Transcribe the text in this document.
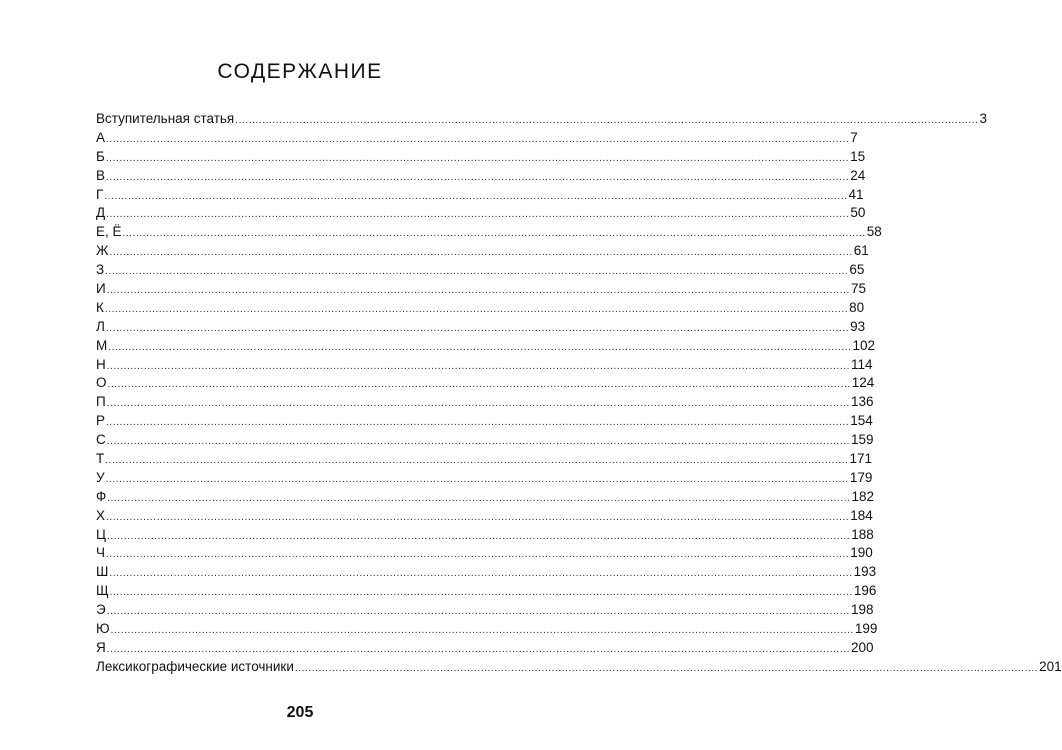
СОДЕРЖАНИЕ
Вступительная статья ............................................................................................................................................................................................................................ 3
А ............................................................................................................................................................................................................................ 7
Б ............................................................................................................................................................................................................................ 15
В ............................................................................................................................................................................................................................ 24
Г ............................................................................................................................................................................................................................ 41
Д ............................................................................................................................................................................................................................ 50
Е, Ё ............................................................................................................................................................................................................................ 58
Ж ............................................................................................................................................................................................................................ 61
З ............................................................................................................................................................................................................................ 65
И ............................................................................................................................................................................................................................ 75
К ............................................................................................................................................................................................................................ 80
Л ............................................................................................................................................................................................................................ 93
М ............................................................................................................................................................................................................................ 102
Н ............................................................................................................................................................................................................................ 114
О ............................................................................................................................................................................................................................ 124
П ............................................................................................................................................................................................................................ 136
Р ............................................................................................................................................................................................................................ 154
С ............................................................................................................................................................................................................................ 159
Т ............................................................................................................................................................................................................................ 171
У ............................................................................................................................................................................................................................ 179
Ф ............................................................................................................................................................................................................................ 182
Х ............................................................................................................................................................................................................................ 184
Ц ............................................................................................................................................................................................................................ 188
Ч ............................................................................................................................................................................................................................ 190
Ш ............................................................................................................................................................................................................................ 193
Щ ............................................................................................................................................................................................................................ 196
Э ............................................................................................................................................................................................................................ 198
Ю ............................................................................................................................................................................................................................ 199
Я ............................................................................................................................................................................................................................ 200
Лексикографические источники ............................................................................................................................................................................................................................ 201
205
